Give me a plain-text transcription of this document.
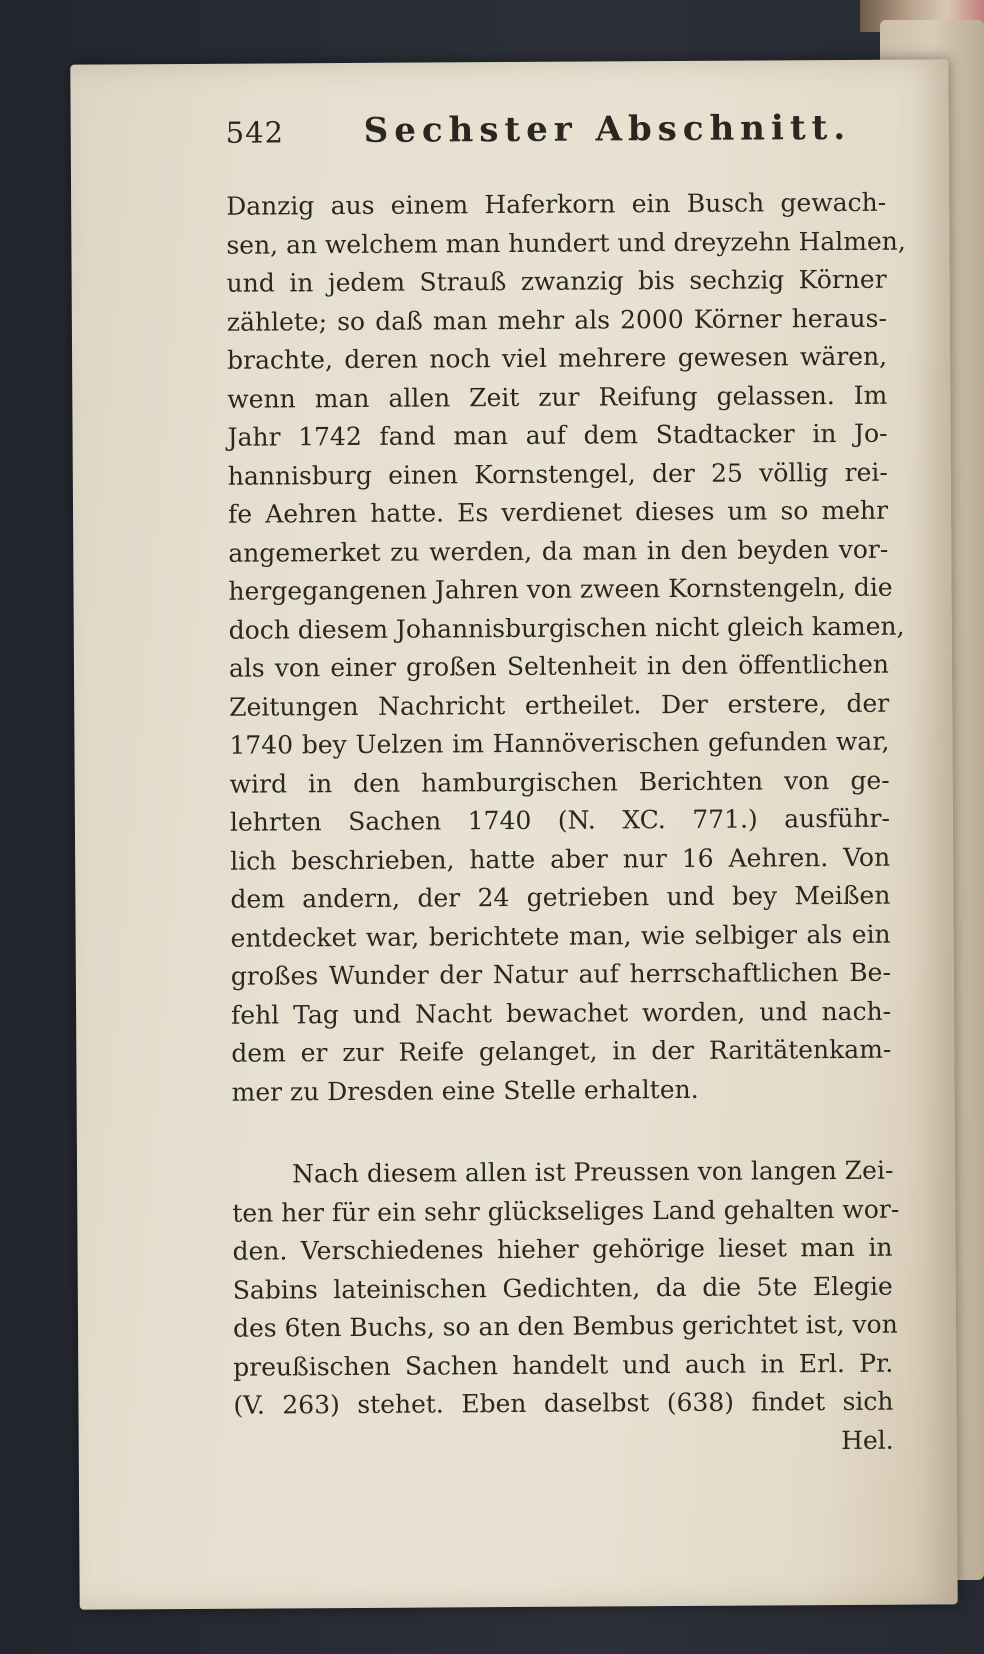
542	Sechster Abschnitt.
Danzig aus einem Haferkorn ein Busch gewach-
sen, an welchem man hundert und dreyzehn Halmen,
und in jedem Strauß zwanzig bis sechzig Körner
zählete; so daß man mehr als 2000 Körner heraus-
brachte, deren noch viel mehrere gewesen wären,
wenn man allen Zeit zur Reifung gelassen. Im
Jahr 1742 fand man auf dem Stadtacker in Jo-
hannisburg einen Kornstengel, der 25 völlig rei-
fe Aehren hatte. Es verdienet dieses um so mehr
angemerket zu werden, da man in den beyden vor-
hergegangenen Jahren von zween Kornstengeln, die
doch diesem Johannisburgischen nicht gleich kamen,
als von einer großen Seltenheit in den öffentlichen
Zeitungen Nachricht ertheilet. Der erstere, der
1740 bey Uelzen im Hannöverischen gefunden war,
wird in den hamburgischen Berichten von ge-
lehrten Sachen 1740 (N. XC. 771.) ausführ-
lich beschrieben, hatte aber nur 16 Aehren. Von
dem andern, der 24 getrieben und bey Meißen
entdecket war, berichtete man, wie selbiger als ein
großes Wunder der Natur auf herrschaftlichen Be-
fehl Tag und Nacht bewachet worden, und nach-
dem er zur Reife gelanget, in der Raritätenkam-
mer zu Dresden eine Stelle erhalten.
Nach diesem allen ist Preussen von langen Zei-
ten her für ein sehr glückseliges Land gehalten wor-
den. Verschiedenes hieher gehörige lieset man in
Sabins lateinischen Gedichten, da die 5te Elegie
des 6ten Buchs, so an den Bembus gerichtet ist, von
preußischen Sachen handelt und auch in Erl. Pr.
(V. 263) stehet. Eben daselbst (638) findet sich
Hel.
